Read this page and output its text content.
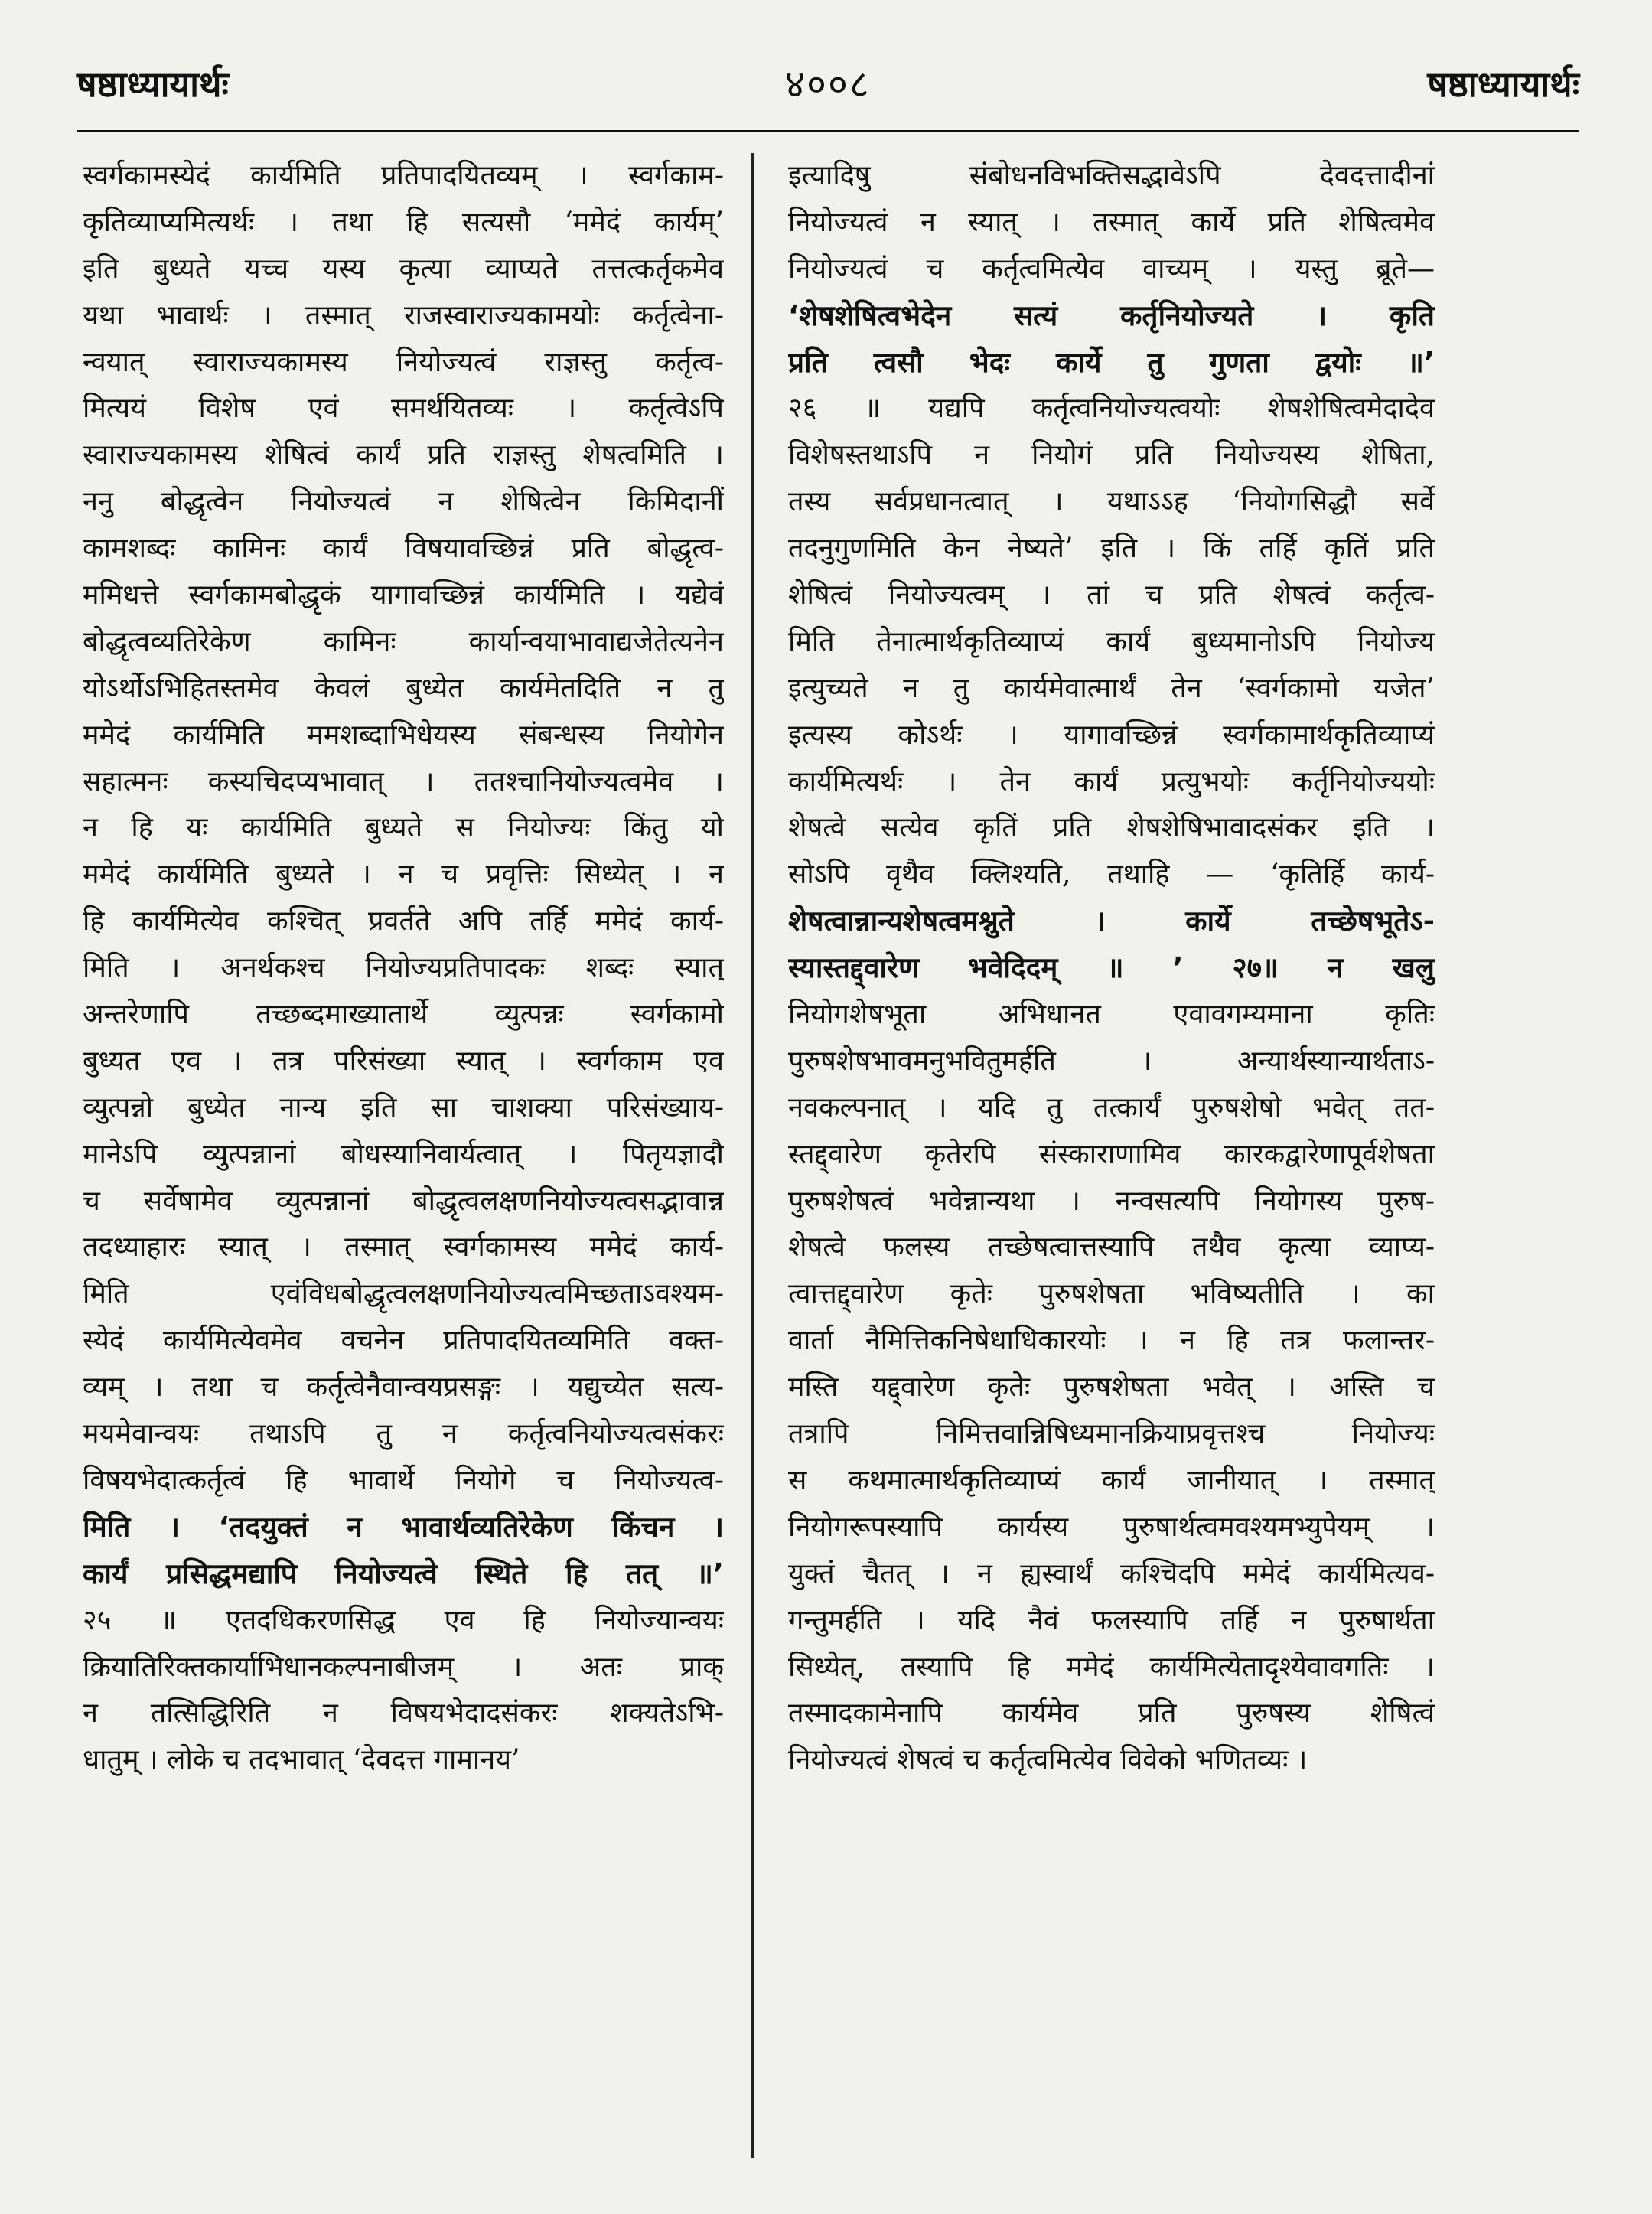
षष्ठाध्यायार्थः	४००८	षष्ठाध्यायार्थः
स्वर्गकामस्येदं कार्यमिति प्रतिपादयितव्यम् । स्वर्गकाम-
कृतिव्याप्यमित्यर्थः । तथा हि सत्यसौ ‘ममेदं कार्यम्’
इति बुध्यते यच्च यस्य कृत्या व्याप्यते तत्तत्कर्तृकमेव
यथा भावार्थः । तस्मात् राजस्वाराज्यकामयोः कर्तृत्वेना-
न्वयात् स्वाराज्यकामस्य नियोज्यत्वं राज्ञस्तु कर्तृत्व-
मित्ययं विशेष एवं समर्थयितव्यः । कर्तृत्वेऽपि
स्वाराज्यकामस्य शेषित्वं कार्यं प्रति राज्ञस्तु शेषत्वमिति ।
ननु बोद्धृत्वेन नियोज्यत्वं न शेषित्वेन किमिदानीं
कामशब्दः कामिनः कार्यं विषयावच्छिन्नं प्रति बोद्धृत्व-
ममिधत्ते स्वर्गकामबोद्धृकं यागावच्छिन्नं कार्यमिति । यद्येवं
बोद्धृत्वव्यतिरेकेण कामिनः कार्यान्वयाभावाद्यजेतेत्यनेन
योऽर्थोऽभिहितस्तमेव केवलं बुध्येत कार्यमेतदिति न तु
ममेदं कार्यमिति ममशब्दाभिधेयस्य संबन्धस्य नियोगेन
सहात्मनः कस्यचिदप्यभावात् । ततश्चानियोज्यत्वमेव ।
न हि यः कार्यमिति बुध्यते स नियोज्यः किंतु यो
ममेदं कार्यमिति बुध्यते । न च प्रवृत्तिः सिध्येत् । न
हि कार्यमित्येव कश्चित् प्रवर्तते अपि तर्हि ममेदं कार्य-
मिति । अनर्थकश्च नियोज्यप्रतिपादकः शब्दः स्यात्
अन्तरेणापि तच्छब्दमाख्यातार्थे व्युत्पन्नः स्वर्गकामो
बुध्यत एव । तत्र परिसंख्या स्यात् । स्वर्गकाम एव
व्युत्पन्नो बुध्येत नान्य इति सा चाशक्या परिसंख्याय-
मानेऽपि व्युत्पन्नानां बोधस्यानिवार्यत्वात् । पितृयज्ञादौ
च सर्वेषामेव व्युत्पन्नानां बोद्धृत्वलक्षणनियोज्यत्वसद्भावान्न
तदध्याहारः स्यात् । तस्मात् स्वर्गकामस्य ममेदं कार्य-
मिति एवंविधबोद्धृत्वलक्षणनियोज्यत्वमिच्छताऽवश्यम-
स्येदं कार्यमित्येवमेव वचनेन प्रतिपादयितव्यमिति वक्त-
व्यम् । तथा च कर्तृत्वेनैवान्वयप्रसङ्गः । यद्युच्येत सत्य-
मयमेवान्वयः तथाऽपि तु न कर्तृत्वनियोज्यत्वसंकरः
विषयभेदात्कर्तृत्वं हि भावार्थे नियोगे च नियोज्यत्व-
मिति । ‘तदयुक्तं न भावार्थव्यतिरेकेण किंचन ।
कार्यं प्रसिद्धमद्यापि नियोज्यत्वे स्थिते हि तत् ॥’
२५ ॥ एतदधिकरणसिद्ध एव हि नियोज्यान्वयः
क्रियातिरिक्तकार्याभिधानकल्पनाबीजम् । अतः प्राक्
न तत्सिद्धिरिति न विषयभेदादसंकरः शक्यतेऽभि-
धातुम् । लोके च तदभावात् ‘देवदत्त गामानय’
इत्यादिषु संबोधनविभक्तिसद्भावेऽपि देवदत्तादीनां
नियोज्यत्वं न स्यात् । तस्मात् कार्ये प्रति शेषित्वमेव
नियोज्यत्वं च कर्तृत्वमित्येव वाच्यम् । यस्तु ब्रूते—
‘शेषशेषित्वभेदेन सत्यं कर्तृनियोज्यते । कृति
प्रति त्वसौ भेदः कार्ये तु गुणता द्वयोः ॥’
२६ ॥ यद्यपि कर्तृत्वनियोज्यत्वयोः शेषशेषित्वमेदादेव
विशेषस्तथाऽपि न नियोगं प्रति नियोज्यस्य शेषिता,
तस्य सर्वप्रधानत्वात् । यथाऽऽह ‘नियोगसिद्धौ सर्वे
तदनुगुणमिति केन नेष्यते’ इति । किं तर्हि कृतिं प्रति
शेषित्वं नियोज्यत्वम् । तां च प्रति शेषत्वं कर्तृत्व-
मिति तेनात्मार्थकृतिव्याप्यं कार्यं बुध्यमानोऽपि नियोज्य
इत्युच्यते न तु कार्यमेवात्मार्थं तेन ‘स्वर्गकामो यजेत’
इत्यस्य कोऽर्थः । यागावच्छिन्नं स्वर्गकामार्थकृतिव्याप्यं
कार्यमित्यर्थः । तेन कार्यं प्रत्युभयोः कर्तृनियोज्ययोः
शेषत्वे सत्येव कृतिं प्रति शेषशेषिभावादसंकर इति ।
सोऽपि वृथैव क्लिश्यति, तथाहि — ‘कृतिर्हि कार्य-
शेषत्वान्नान्यशेषत्वमश्नुते । कार्ये तच्छेषभूतेऽ-
स्यास्तद्द्वारेण भवेदिदम् ॥ ’ २७॥ न खलु
नियोगशेषभूता अभिधानत एवावगम्यमाना कृतिः
पुरुषशेषभावमनुभवितुमर्हति । अन्यार्थस्यान्यार्थताऽ-
नवकल्पनात् । यदि तु तत्कार्यं पुरुषशेषो भवेत् तत-
स्तद्द्वारेण कृतेरपि संस्काराणामिव कारकद्वारेणापूर्वशेषता
पुरुषशेषत्वं भवेन्नान्यथा । नन्वसत्यपि नियोगस्य पुरुष-
शेषत्वे फलस्य तच्छेषत्वात्तस्यापि तथैव कृत्या व्याप्य-
त्वात्तद्द्वारेण कृतेः पुरुषशेषता भविष्यतीति । का
वार्ता नैमित्तिकनिषेधाधिकारयोः । न हि तत्र फलान्तर-
मस्ति यद्द्वारेण कृतेः पुरुषशेषता भवेत् । अस्ति च
तत्रापि निमित्तवान्निषिध्यमानक्रियाप्रवृत्तश्च नियोज्यः
स कथमात्मार्थकृतिव्याप्यं कार्यं जानीयात् । तस्मात्
नियोगरूपस्यापि कार्यस्य पुरुषार्थत्वमवश्यमभ्युपेयम् ।
युक्तं चैतत् । न ह्यस्वार्थं कश्चिदपि ममेदं कार्यमित्यव-
गन्तुमर्हति । यदि नैवं फलस्यापि तर्हि न पुरुषार्थता
सिध्येत्, तस्यापि हि ममेदं कार्यमित्येतादृश्येवावगतिः ।
तस्मादकामेनापि कार्यमेव प्रति पुरुषस्य शेषित्वं
नियोज्यत्वं शेषत्वं च कर्तृत्वमित्येव विवेको भणितव्यः ।
